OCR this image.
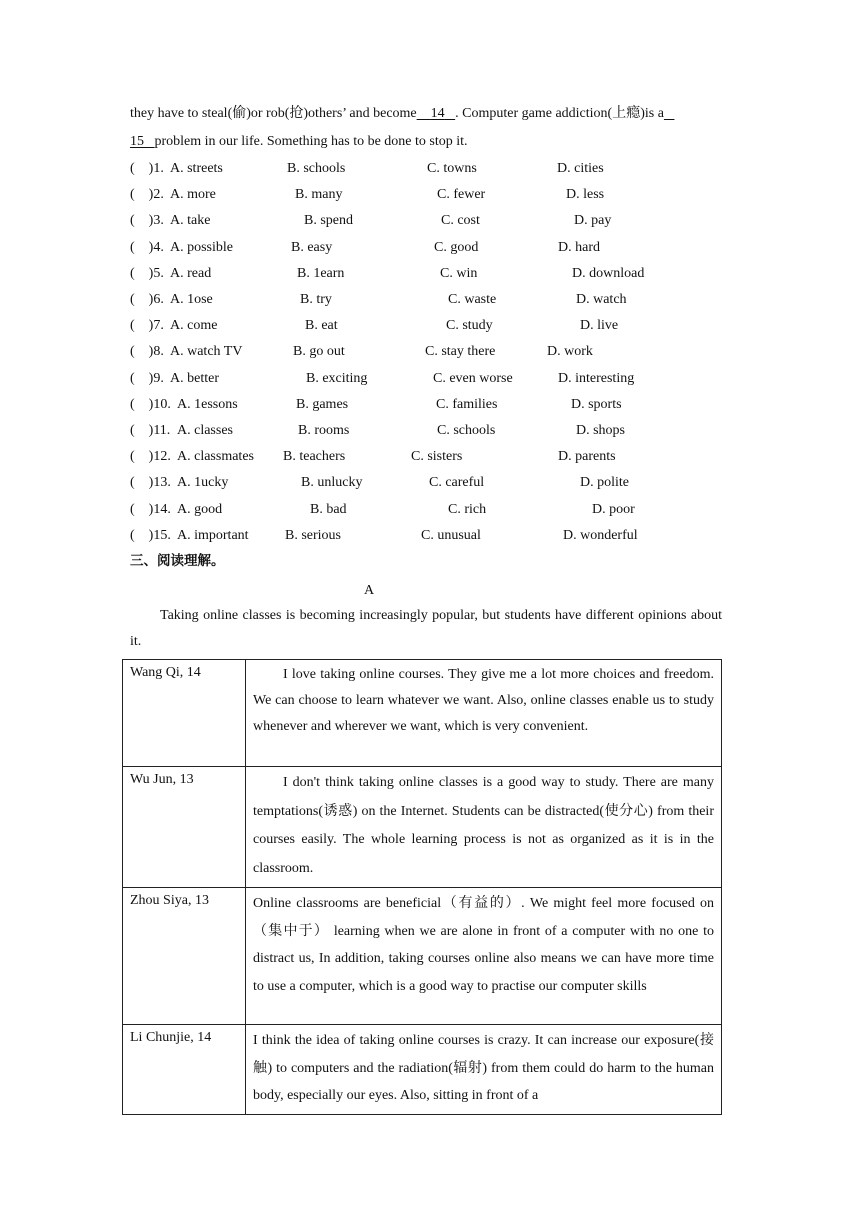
they have to steal(偷)or rob(抢)others’ and become 14 . Computer game addiction(上瘾)is a
15 problem in our life. Something has to be done to stop it.
(    )1. A. streets	B. schools	C. towns	D. cities
(    )2. A. more	B. many	C. fewer	D. less
(    )3. A. take	B. spend	C. cost	D. pay
(    )4. A. possible	B. easy	C. good	D. hard
(    )5. A. read	B. 1earn	C. win	D. download
(    )6. A. 1ose	B. try	C. waste	D. watch
(    )7. A. come	B. eat	C. study	D. live
(    )8. A. watch TV	B. go out	C. stay there	D. work
(    )9. A. better	B. exciting	C. even worse	D. interesting
(    )10. A. 1essons	B. games	C. families	D. sports
(    )11. A. classes	B. rooms	C. schools	D. shops
(    )12. A. classmates B. teachers	C. sisters	D. parents
(    )13. A. 1ucky	B. unlucky	C. careful	D. polite
(    )14. A. good	B. bad	C. rich	D. poor
(    )15. A. important	B. serious	C. unusual	D. wonderful
三、阅读理解。
A
Taking online classes is becoming increasingly popular, but students have different opinions about it.
Wang Qi, 14	I love taking online courses. They give me a lot more choices and freedom. We can choose to learn whatever we want. Also, online classes enable us to study whenever and wherever we want, which is very convenient.
Wu Jun, 13	I don't think taking online classes is a good way to study. There are many temptations(诱惑) on the Internet. Students can be distracted(使分心) from their courses easily. The whole learning process is not as organized as it is in the classroom.
Zhou Siya, 13	Online classrooms are beneficial（有益的）. We might feel more focused on（集中于） learning when we are alone in front of a computer with no one to distract us, In addition, taking courses online also means we can have more time to use a computer, which is a good way to practise our computer skills
Li Chunjie, 14	I think the idea of taking online courses is crazy. It can increase our exposure(接触) to computers and the radiation(辐射) from them could do harm to the human body, especially our eyes. Also, sitting in front of a
